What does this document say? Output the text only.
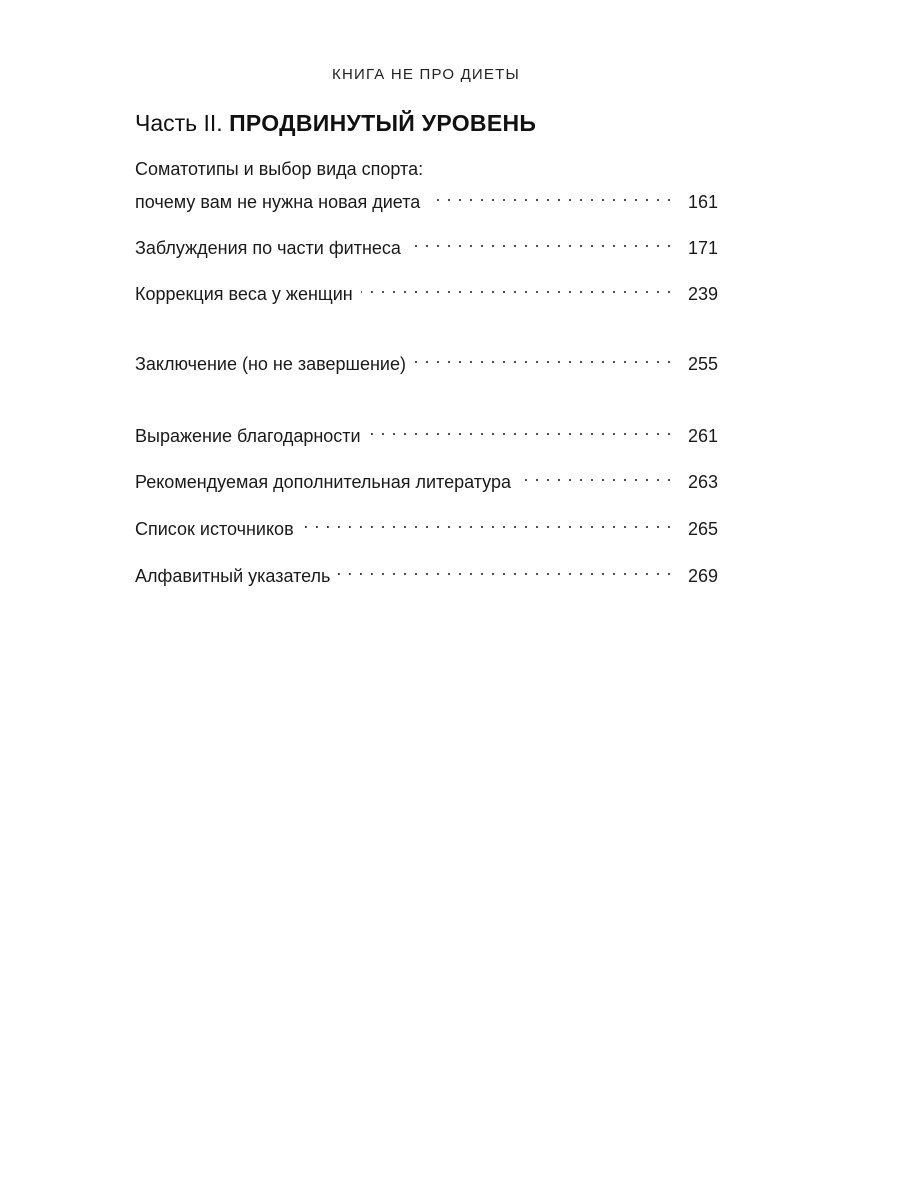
КНИГА НЕ ПРО ДИЕТЫ
Часть II. ПРОДВИНУТЫЙ УРОВЕНЬ
Соматотипы и выбор вида спорта:
почему вам не нужна новая диета . . .	161
Заблуждения по части фитнеса . . .	171
Коррекция веса у женщин . . .	239
Заключение (но не завершение) . . .	255
Выражение благодарности . . .	261
Рекомендуемая дополнительная литература . . .	263
Список источников . . .	265
Алфавитный указатель . . .	269
